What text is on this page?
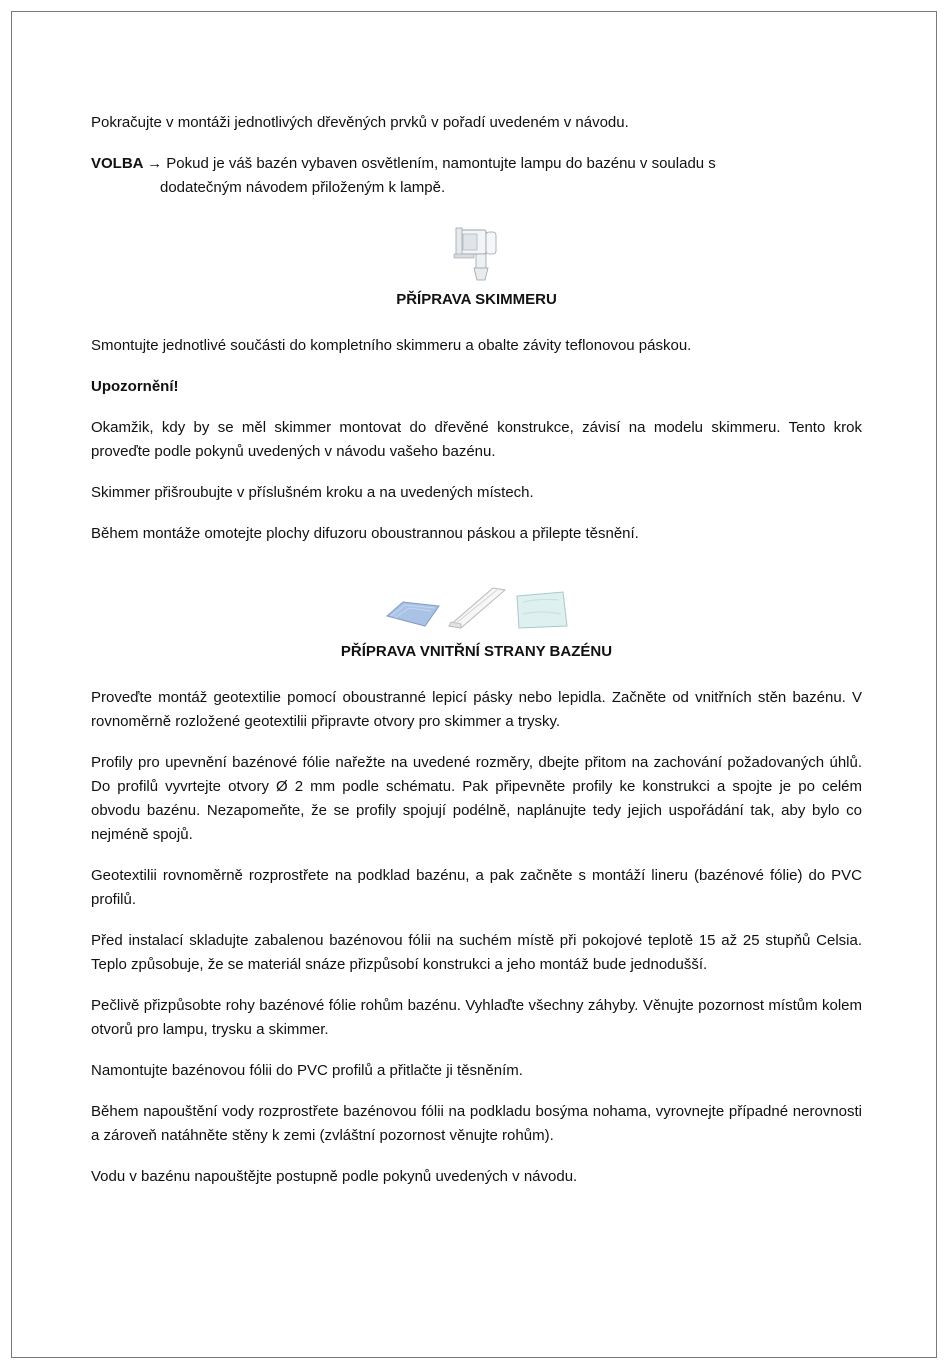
Pokračujte v montáži jednotlivých dřevěných prvků v pořadí uvedeném v návodu.

VOLBA → Pokud je váš bazén vybaven osvětlením, namontujte lampu do bazénu v souladu s

dodatečným návodem přiloženým k lampě.

PŘÍPRAVA SKIMMERU

Smontujte jednotlivé součásti do kompletního skimmeru a obalte závity teflonovou páskou.

Upozornění!

Okamžik, kdy by se měl skimmer montovat do dřevěné konstrukce, závisí na modelu skimmeru. Tento krok proveďte podle pokynů uvedených v návodu vašeho bazénu.

Skimmer přišroubujte v příslušném kroku a na uvedených místech.

Během montáže omotejte plochy difuzoru oboustrannou páskou a přilepte těsnění.

PŘÍPRAVA VNITŘNÍ STRANY BAZÉNU

Proveďte montáž geotextilie pomocí oboustranné lepicí pásky nebo lepidla. Začněte od vnitřních stěn bazénu. V rovnoměrně rozložené geotextilii připravte otvory pro skimmer a trysky.

Profily pro upevnění bazénové fólie nařežte na uvedené rozměry, dbejte přitom na zachování požadovaných úhlů. Do profilů vyvrtejte otvory Ø 2 mm podle schématu. Pak připevněte profily ke konstrukci a spojte je po celém obvodu bazénu. Nezapomeňte, že se profily spojují podélně, naplánujte tedy jejich uspořádání tak, aby bylo co nejméně spojů.

Geotextilii rovnoměrně rozprostřete na podklad bazénu, a pak začněte s montáží lineru (bazénové fólie) do PVC profilů.

Před instalací skladujte zabalenou bazénovou fólii na suchém místě při pokojové teplotě 15 až 25 stupňů Celsia. Teplo způsobuje, že se materiál snáze přizpůsobí konstrukci a jeho montáž bude jednodušší.

Pečlivě přizpůsobte rohy bazénové fólie rohům bazénu. Vyhlaďte všechny záhyby. Věnujte pozornost místům kolem otvorů pro lampu, trysku a skimmer.

Namontujte bazénovou fólii do PVC profilů a přitlačte ji těsněním.

Během napouštění vody rozprostřete bazénovou fólii na podkladu bosýma nohama, vyrovnejte případné nerovnosti a zároveň natáhněte stěny k zemi (zvláštní pozornost věnujte rohům).

Vodu v bazénu napouštějte postupně podle pokynů uvedených v návodu.
